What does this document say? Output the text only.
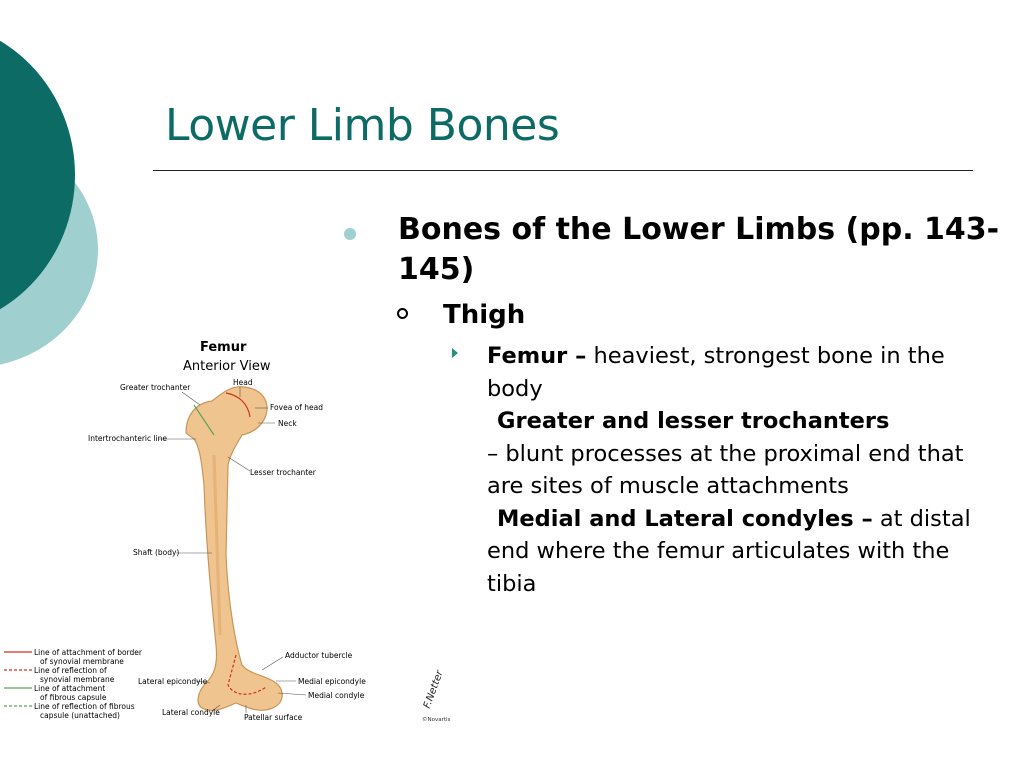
Lower Limb Bones
Bones of the Lower Limbs (pp. 143-145)
Thigh
Femur – heaviest, strongest bone in the body
Greater and lesser trochanters
– blunt processes at the proximal end that are sites of muscle attachments
Medial and Lateral condyles – at distal end where the femur articulates with the tibia
Femur
Anterior View
Head
Greater trochanter
Fovea of head
Neck
Intertrochanteric line
Lesser trochanter
Shaft (body)
Adductor tubercle
Medial epicondyle
Medial condyle
Lateral epicondyle
Lateral condyle
Patellar surface
Line of attachment of border
of synovial membrane
Line of reflection of
synovial membrane
Line of attachment
of fibrous capsule
Line of reflection of fibrous
capsule (unattached)
F.Netter
©Novartis
